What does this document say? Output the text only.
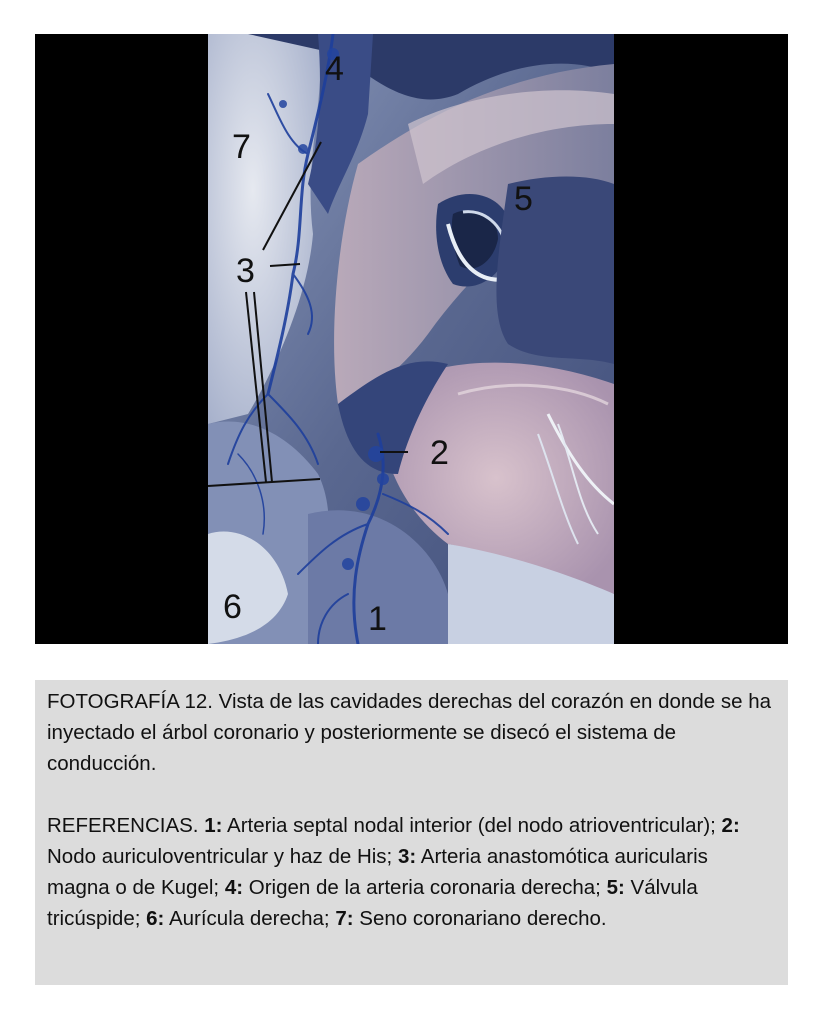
4
7
5
3
2
6	1

FOTOGRAFÍA 12. Vista de las cavidades derechas del corazón en donde se ha inyectado el árbol coronario y posteriormente se disecó el sistema de conducción.

REFERENCIAS. 1: Arteria septal nodal interior (del nodo atrioventricular); 2: Nodo auriculoventricular y haz de His; 3: Arteria anastomótica auricularis magna o de Kugel; 4: Origen de la arteria coronaria derecha; 5: Válvula tricúspide; 6: Aurícula derecha; 7: Seno coronariano derecho.
